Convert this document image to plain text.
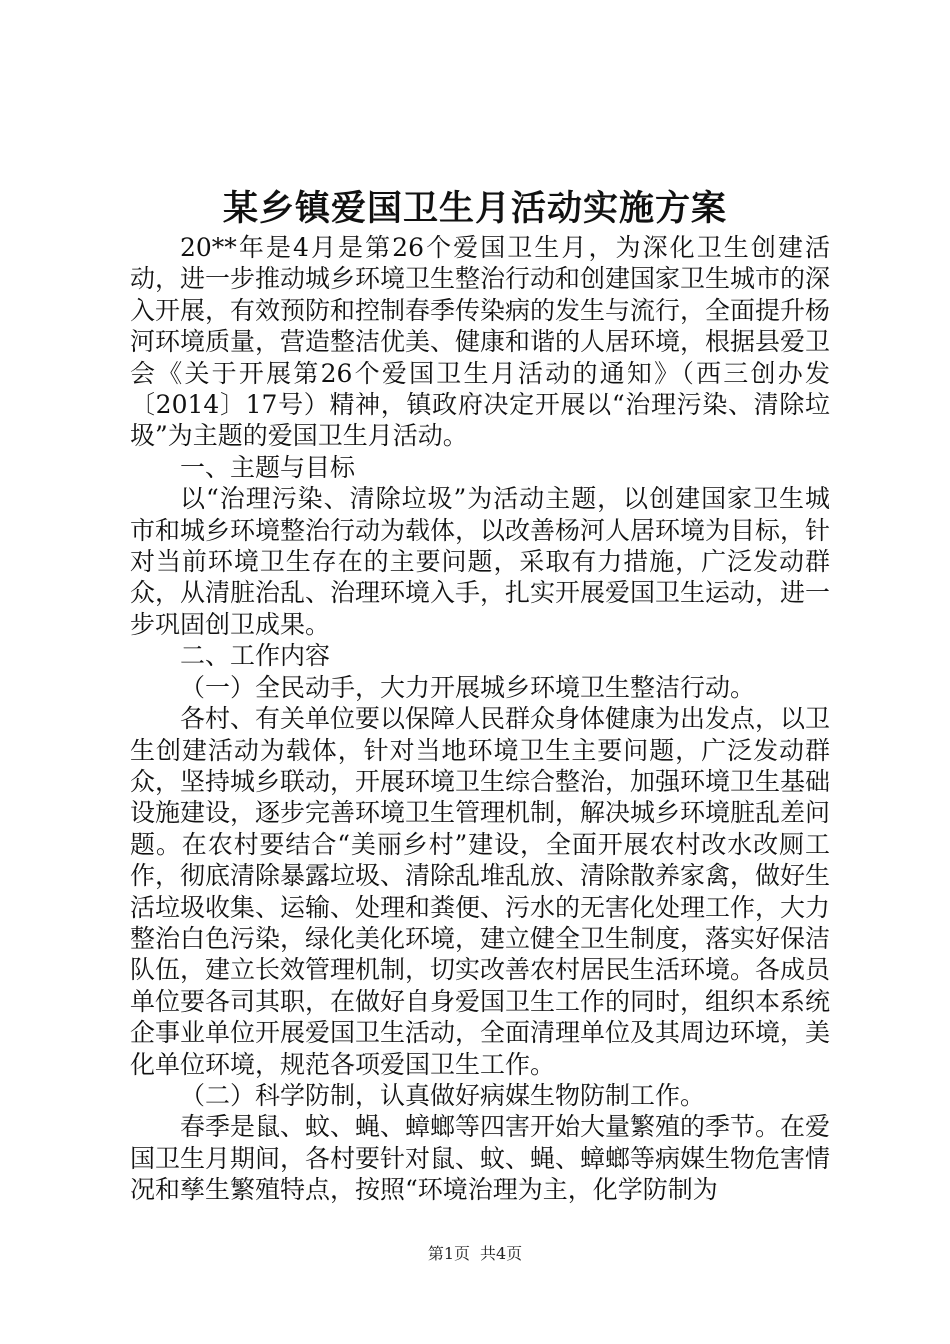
某乡镇爱国卫生月活动实施方案

20**年是4月是第26个爱国卫生月，为深化卫生创建活动，进一步推动城乡环境卫生整治行动和创建国家卫生城市的深入开展，有效预防和控制春季传染病的发生与流行，全面提升杨河环境质量，营造整洁优美、健康和谐的人居环境，根据县爱卫会《关于开展第26个爱国卫生月活动的通知》（西三创办发〔2014〕17号）精神，镇政府决定开展以“治理污染、清除垃圾”为主题的爱国卫生月活动。

一、主题与目标

以“治理污染、清除垃圾”为活动主题，以创建国家卫生城市和城乡环境整治行动为载体，以改善杨河人居环境为目标，针对当前环境卫生存在的主要问题，采取有力措施，广泛发动群众，从清脏治乱、治理环境入手，扎实开展爱国卫生运动，进一步巩固创卫成果。

二、工作内容

（一）全民动手，大力开展城乡环境卫生整洁行动。

各村、有关单位要以保障人民群众身体健康为出发点，以卫生创建活动为载体，针对当地环境卫生主要问题，广泛发动群众，坚持城乡联动，开展环境卫生综合整治，加强环境卫生基础设施建设，逐步完善环境卫生管理机制，解决城乡环境脏乱差问题。在农村要结合“美丽乡村”建设，全面开展农村改水改厕工作，彻底清除暴露垃圾、清除乱堆乱放、清除散养家禽，做好生活垃圾收集、运输、处理和粪便、污水的无害化处理工作，大力整治白色污染，绿化美化环境，建立健全卫生制度，落实好保洁队伍，建立长效管理机制，切实改善农村居民生活环境。各成员单位要各司其职，在做好自身爱国卫生工作的同时，组织本系统企事业单位开展爱国卫生活动，全面清理单位及其周边环境，美化单位环境，规范各项爱国卫生工作。

（二）科学防制，认真做好病媒生物防制工作。

春季是鼠、蚊、蝇、蟑螂等四害开始大量繁殖的季节。在爱国卫生月期间，各村要针对鼠、蚊、蝇、蟑螂等病媒生物危害情况和孳生繁殖特点，按照“环境治理为主，化学防制为

第1页 共4页
